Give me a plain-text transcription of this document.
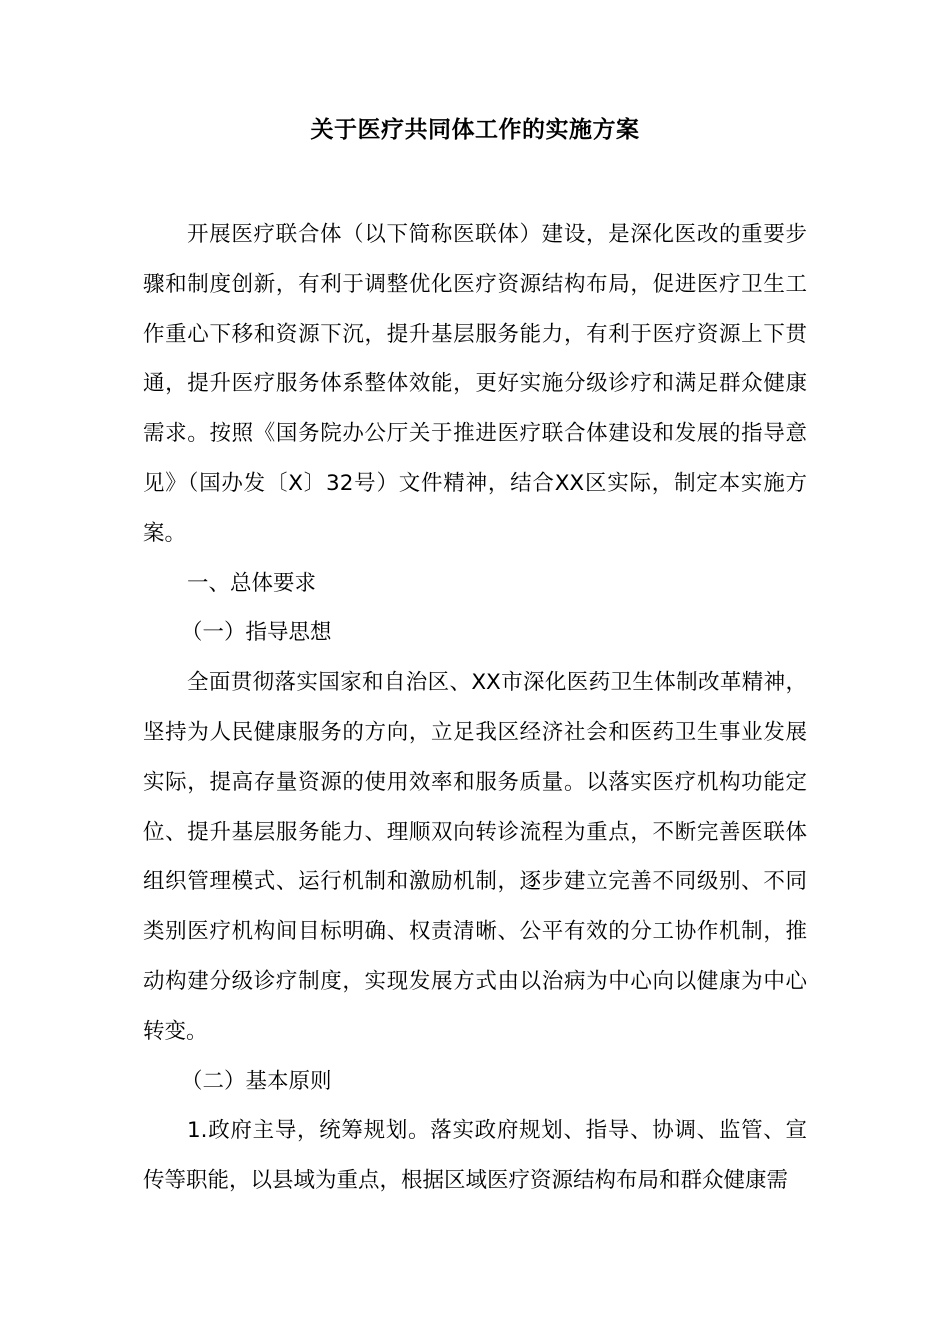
关于医疗共同体工作的实施方案

开展医疗联合体（以下简称医联体）建设，是深化医改的重要步骤和制度创新，有利于调整优化医疗资源结构布局，促进医疗卫生工作重心下移和资源下沉，提升基层服务能力，有利于医疗资源上下贯通，提升医疗服务体系整体效能，更好实施分级诊疗和满足群众健康需求。按照《国务院办公厅关于推进医疗联合体建设和发展的指导意见》（国办发〔X〕32号）文件精神，结合XX区实际，制定本实施方案。

一、总体要求

（一）指导思想

全面贯彻落实国家和自治区、XX市深化医药卫生体制改革精神，坚持为人民健康服务的方向，立足我区经济社会和医药卫生事业发展实际，提高存量资源的使用效率和服务质量。以落实医疗机构功能定位、提升基层服务能力、理顺双向转诊流程为重点，不断完善医联体组织管理模式、运行机制和激励机制，逐步建立完善不同级别、不同类别医疗机构间目标明确、权责清晰、公平有效的分工协作机制，推动构建分级诊疗制度，实现发展方式由以治病为中心向以健康为中心转变。

（二）基本原则

1.政府主导，统筹规划。落实政府规划、指导、协调、监管、宣传等职能，以县域为重点，根据区域医疗资源结构布局和群众健康需
